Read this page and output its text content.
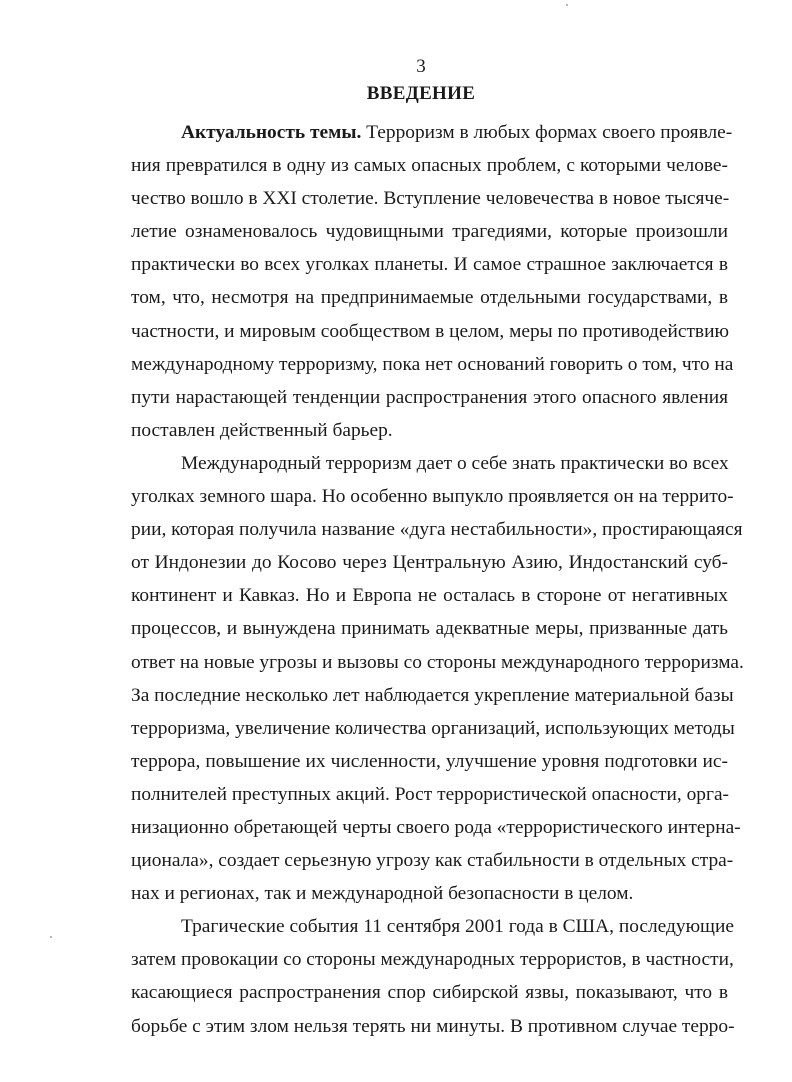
3
ВВЕДЕНИЕ
Актуальность темы. Терроризм в любых формах своего проявле-
ния превратился в одну из самых опасных проблем, с которыми челове-
чество вошло в XXI столетие. Вступление человечества в новое тысяче-
летие ознаменовалось чудовищными трагедиями, которые произошли
практически во всех уголках планеты. И самое страшное заключается в
том, что, несмотря на предпринимаемые отдельными государствами, в
частности, и мировым сообществом в целом, меры по противодействию
международному терроризму, пока нет оснований говорить о том, что на
пути нарастающей тенденции распространения этого опасного явления
поставлен действенный барьер.
Международный терроризм дает о себе знать практически во всех
уголках земного шара. Но особенно выпукло проявляется он на террито-
рии, которая получила название «дуга нестабильности», простирающаяся
от Индонезии до Косово через Центральную Азию, Индостанский суб-
континент и Кавказ. Но и Европа не осталась в стороне от негативных
процессов, и вынуждена принимать адекватные меры, призванные дать
ответ на новые угрозы и вызовы со стороны международного терроризма.
За последние несколько лет наблюдается укрепление материальной базы
терроризма, увеличение количества организаций, использующих методы
террора, повышение их численности, улучшение уровня подготовки ис-
полнителей преступных акций. Рост террористической опасности, орга-
низационно обретающей черты своего рода «террористического интерна-
ционала», создает серьезную угрозу как стабильности в отдельных стра-
нах и регионах, так и международной безопасности в целом.
Трагические события 11 сентября 2001 года в США, последующие
затем провокации со стороны международных террористов, в частности,
касающиеся распространения спор сибирской язвы, показывают, что в
борьбе с этим злом нельзя терять ни минуты. В противном случае терро-
